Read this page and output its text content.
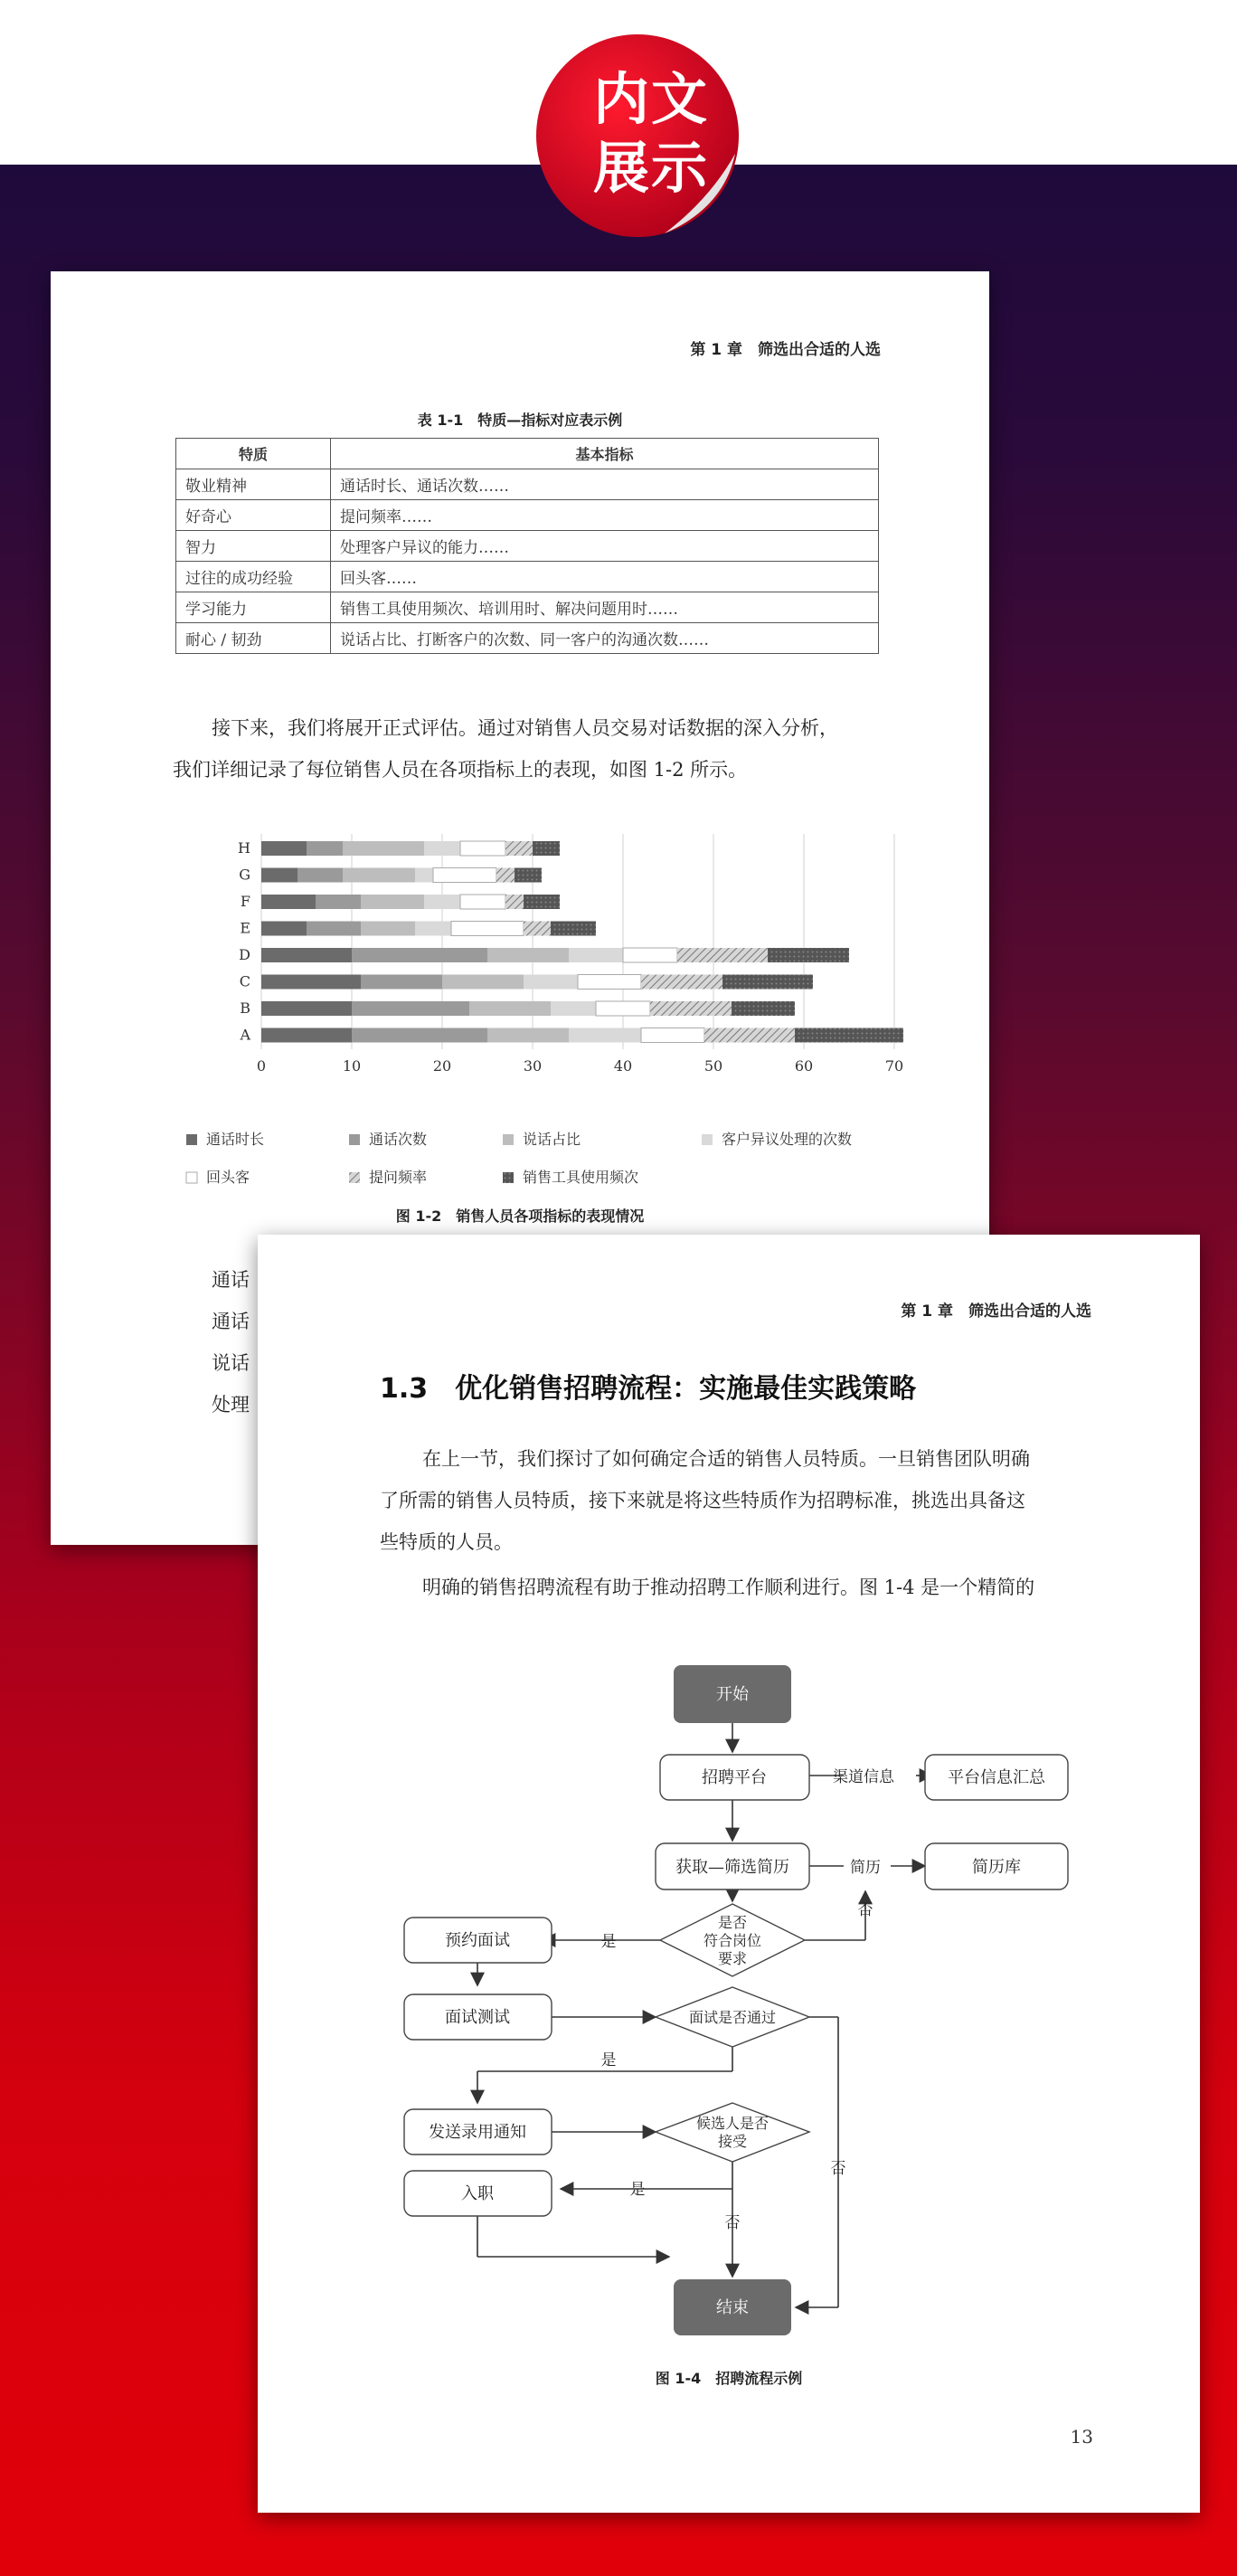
内文
展示
第 1 章　筛选出合适的人选
表 1-1　特质—指标对应表示例
特质	基本指标
敬业精神	通话时长、通话次数……
好奇心	提问频率……
智力	处理客户异议的能力……
过往的成功经验	回头客……
学习能力	销售工具使用频次、培训用时、解决问题用时……
耐心 / 韧劲	说话占比、打断客户的次数、同一客户的沟通次数……
接下来，我们将展开正式评估。通过对销售人员交易对话数据的深入分析，
我们详细记录了每位销售人员在各项指标上的表现，如图 1-2 所示。
H
G
F
E
D
C
B
A
0	10	20	30	40	50	60	70
通话时长	通话次数	说话占比	客户异议处理的次数
回头客	提问频率	销售工具使用频次
图 1-2　销售人员各项指标的表现情况
通话
通话
说话
处理
第 1 章　筛选出合适的人选
1.3　优化销售招聘流程：实施最佳实践策略
在上一节，我们探讨了如何确定合适的销售人员特质。一旦销售团队明确
了所需的销售人员特质，接下来就是将这些特质作为招聘标准，挑选出具备这
些特质的人员。
明确的销售招聘流程有助于推动招聘工作顺利进行。图 1-4 是一个精简的
开始
招聘平台	渠道信息	平台信息汇总
获取—筛选简历	简历	简历库
是否
符合岗位
要求
否
是
预约面试
面试测试	面试是否通过
是
否
发送录用通知	候选人是否
接受
入职	是
否
结束
图 1-4　招聘流程示例
13
